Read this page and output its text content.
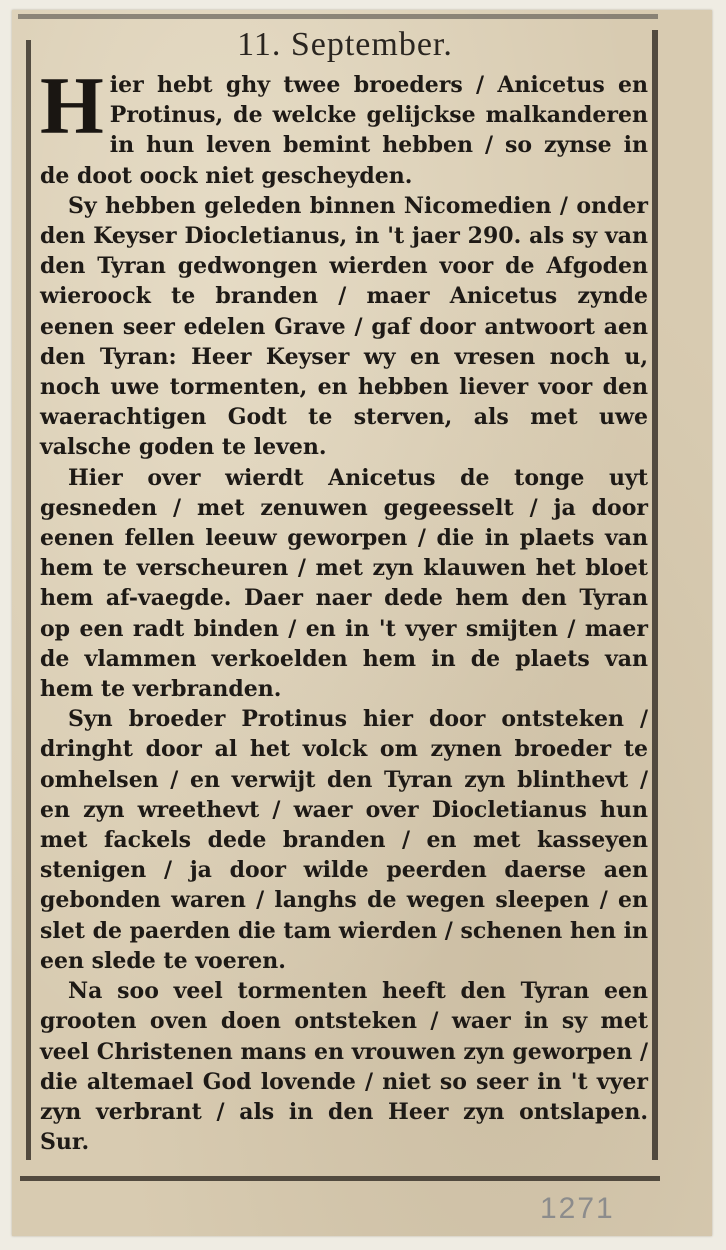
11. September.

Hier hebt ghy twee broeders / Anicetus en Protinus, de welcke gelijckse malkanderen in hun leven bemint hebben / so zynse in de doot oock niet gescheyden.

Sy hebben geleden binnen Nicomedien / onder den Keyser Diocletianus, in 't jaer 290. als sy van den Tyran gedwongen wierden voor de Afgoden wieroock te branden / maer Anicetus zynde eenen seer edelen Grave / gaf door antwoort aen den Tyran: Heer Keyser wy en vresen noch u, noch uwe tormenten, en hebben liever voor den waerachtigen Godt te sterven, als met uwe valsche goden te leven.

Hier over wierdt Anicetus de tonge uyt gesneden / met zenuwen gegeesselt / ja door eenen fellen leeuw geworpen / die in plaets van hem te verscheuren / met zyn klauwen het bloet hem af-vaegde. Daer naer dede hem den Tyran op een radt binden / en in 't vyer smijten / maer de vlammen verkoelden hem in de plaets van hem te verbranden.

Syn broeder Protinus hier door ontsteken / dringht door al het volck om zynen broeder te omhelsen / en verwijt den Tyran zyn blinthevt / en zyn wreethevt / waer over Diocletianus hun met fackels dede branden / en met kasseyen stenigen / ja door wilde peerden daerse aen gebonden waren / langhs de wegen sleepen / en slet de paerden die tam wierden / schenen hen in een slede te voeren.

Na soo veel tormenten heeft den Tyran een grooten oven doen ontsteken / waer in sy met veel Christenen mans en vrouwen zyn geworpen / die altemael God lovende / niet so seer in 't vyer zyn verbrant / als in den Heer zyn ontslapen. Sur.

1271
